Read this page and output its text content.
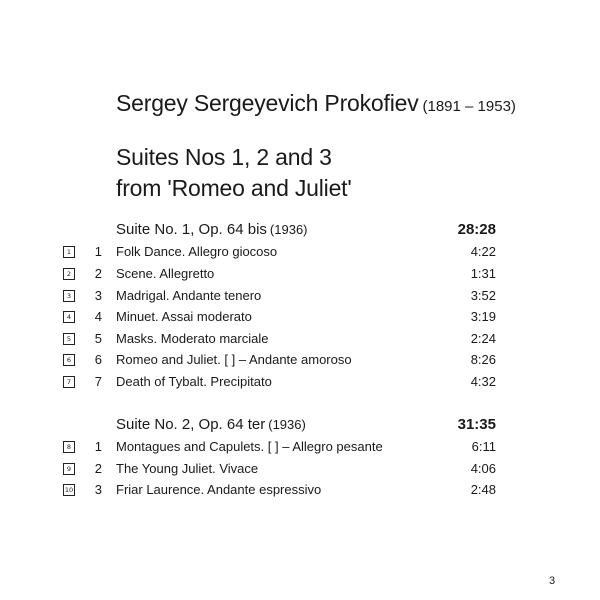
Sergey Sergeyevich Prokofiev (1891 – 1953)
Suites Nos 1, 2 and 3
from 'Romeo and Juliet'
Suite No. 1, Op. 64 bis (1936)	28:28
1	1 Folk Dance. Allegro giocoso	4:22
2	2 Scene. Allegretto	1:31
3	3 Madrigal. Andante tenero	3:52
4	4 Minuet. Assai moderato	3:19
5	5 Masks. Moderato marciale	2:24
6	6 Romeo and Juliet. [ ] – Andante amoroso	8:26
7	7 Death of Tybalt. Precipitato	4:32
Suite No. 2, Op. 64 ter (1936)	31:35
8	1 Montagues and Capulets. [ ] – Allegro pesante	6:11
9	2 The Young Juliet. Vivace	4:06
10	3 Friar Laurence. Andante espressivo	2:48
3
